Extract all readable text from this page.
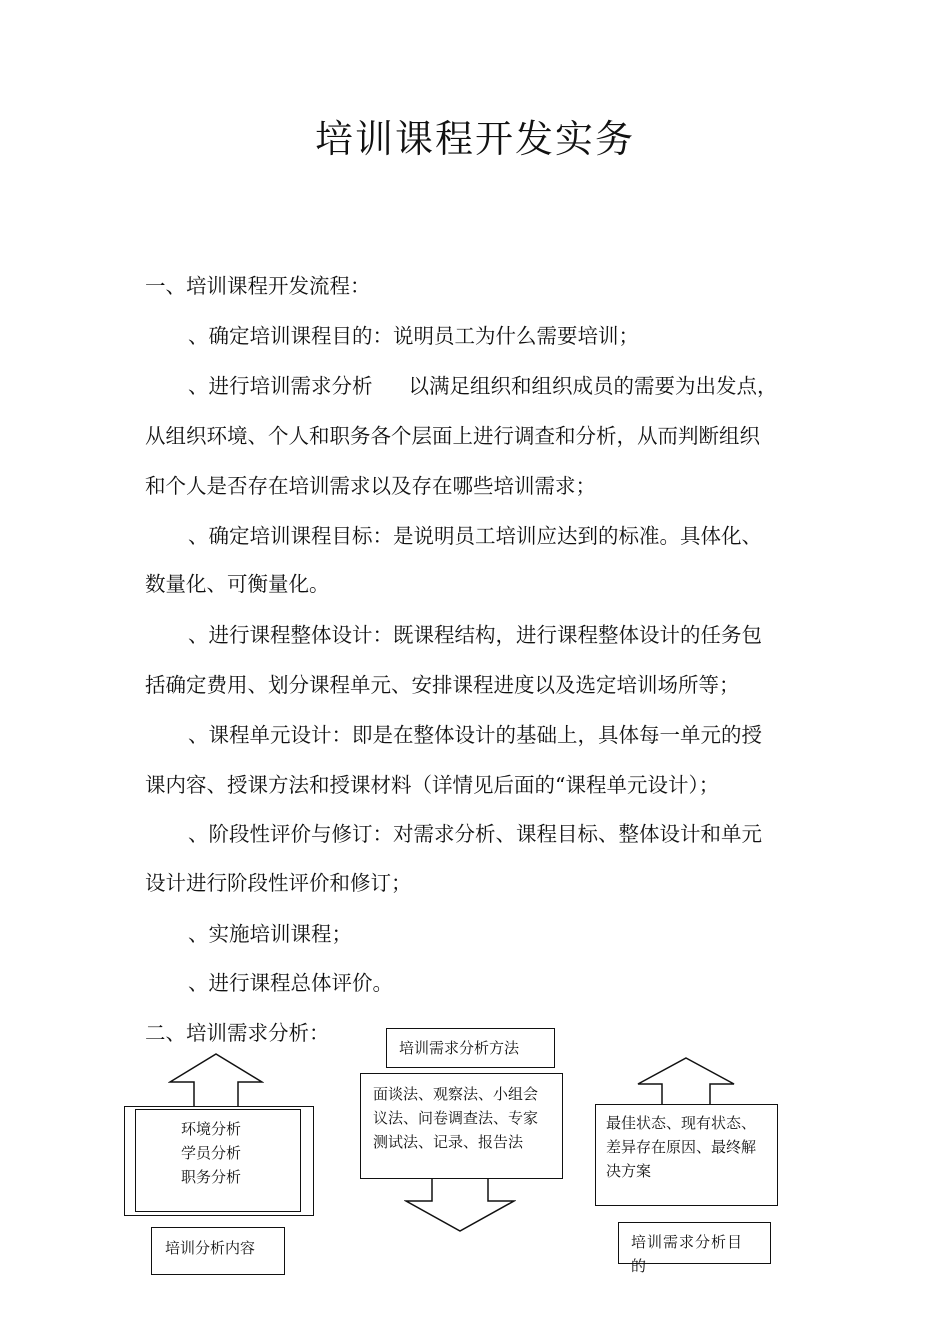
培训课程开发实务
一、培训课程开发流程：
、确定培训课程目的：说明员工为什么需要培训；
、进行培训需求分析 以满足组织和组织成员的需要为出发点，
从组织环境、个人和职务各个层面上进行调查和分析，从而判断组织
和个人是否存在培训需求以及存在哪些培训需求；
、确定培训课程目标：是说明员工培训应达到的标准。具体化、
数量化、可衡量化。
、进行课程整体设计：既课程结构，进行课程整体设计的任务包
括确定费用、划分课程单元、安排课程进度以及选定培训场所等；
、课程单元设计：即是在整体设计的基础上，具体每一单元的授
课内容、授课方法和授课材料（详情见后面的“课程单元设计）；
、阶段性评价与修订：对需求分析、课程目标、整体设计和单元
设计进行阶段性评价和修订；
、实施培训课程；
、进行课程总体评价。
二、培训需求分析：
环境分析
学员分析
职务分析
培训分析内容
培训需求分析方法
面谈法、观察法、小组会
议法、问卷调查法、专家
测试法、记录、报告法
最佳状态、现有状态、
差异存在原因、最终解
决方案
培训需求分析目
的
